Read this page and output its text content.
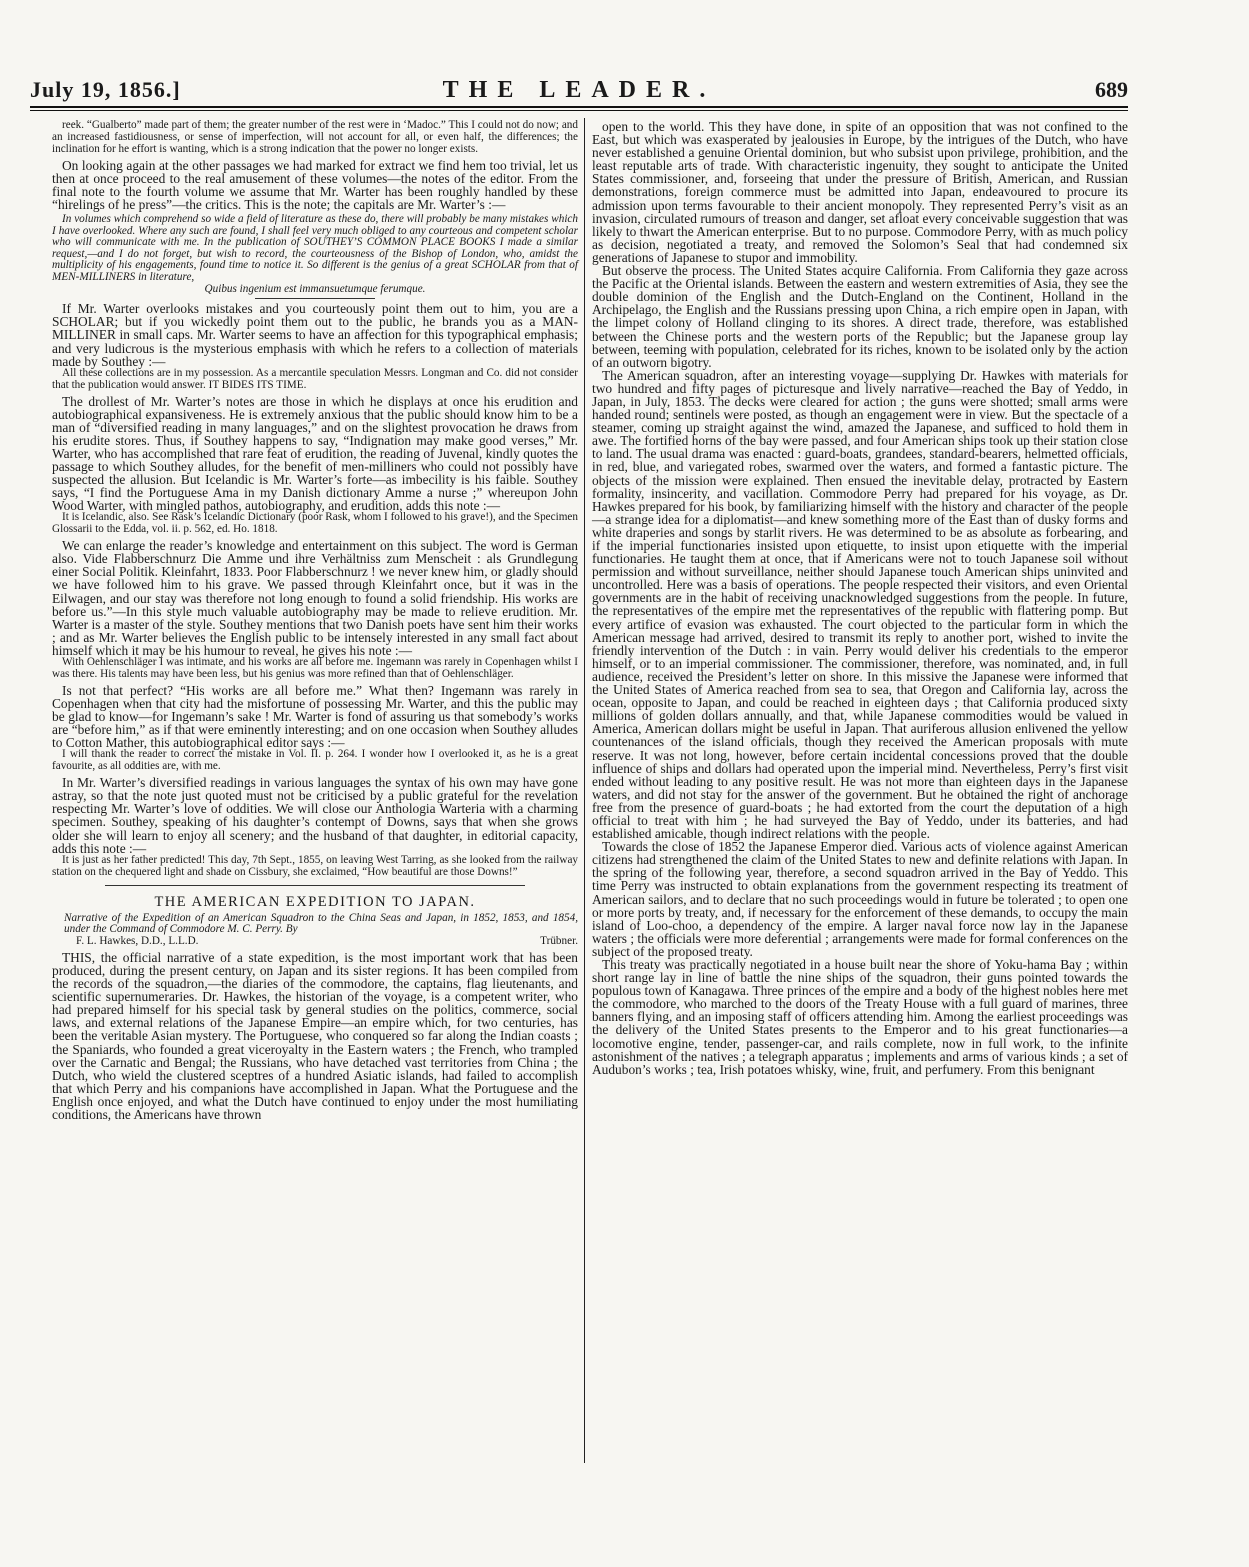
July 19, 1856.]	THE LEADER.	689

reek. “Gualberto” made part of them; the greater number of the rest were in ‘Madoc.” This I could not do now; and an increased fastidiousness, or sense of imperfection, will not account for all, or even half, the differences; the inclination for he effort is wanting, which is a strong indication that the power no longer exists.

On looking again at the other passages we had marked for extract we find hem too trivial, let us then at once proceed to the real amusement of these volumes—the notes of the editor. From the final note to the fourth volume we assume that Mr. Warter has been roughly handled by these “hirelings of he press”—the critics. This is the note; the capitals are Mr. Warter’s :—

In volumes which comprehend so wide a field of literature as these do, there will probably be many mistakes which I have overlooked. Where any such are found, I shall feel very much obliged to any courteous and competent scholar who will communicate with me. In the publication of SOUTHEY’S COMMON PLACE BOOKS I made a similar request,—and I do not forget, but wish to record, the courteousness of the Bishop of London, who, amidst the multiplicity of his engagements, found time to notice it. So different is the genius of a great SCHOLAR from that of MEN-MILLINERS in literature,

Quibus ingenium est immansuetumque ferumque.

If Mr. Warter overlooks mistakes and you courteously point them out to him, you are a SCHOLAR; but if you wickedly point them out to the public, he brands you as a MAN-MILLINER in small caps. Mr. Warter seems to have an affection for this typographical emphasis; and very ludicrous is the mysterious emphasis with which he refers to a collection of materials made by Southey :—

All these collections are in my possession. As a mercantile speculation Messrs. Longman and Co. did not consider that the publication would answer. IT BIDES ITS TIME.

The drollest of Mr. Warter’s notes are those in which he displays at once his erudition and autobiographical expansiveness. He is extremely anxious that the public should know him to be a man of “diversified reading in many languages,” and on the slightest provocation he draws from his erudite stores. Thus, if Southey happens to say, “Indignation may make good verses,” Mr. Warter, who has accomplished that rare feat of erudition, the reading of Juvenal, kindly quotes the passage to which Southey alludes, for the benefit of men-milliners who could not possibly have suspected the allusion. But Icelandic is Mr. Warter’s forte—as imbecility is his faible. Southey says, “I find the Portuguese Ama in my Danish dictionary Amme a nurse ;” whereupon John Wood Warter, with mingled pathos, autobiography, and erudition, adds this note :—

It is Icelandic, also. See Rask’s Icelandic Dictionary (poor Rask, whom I followed to his grave!), and the Specimen Glossarii to the Edda, vol. ii. p. 562, ed. Ho. 1818.

We can enlarge the reader’s knowledge and entertainment on this subject. The word is German also. Vide Flabberschnurz Die Amme und ihre Verhältniss zum Menscheit : als Grundlegung einer Social Politik. Kleinfahrt, 1833. Poor Flabberschnurz ! we never knew him, or gladly should we have followed him to his grave. We passed through Kleinfahrt once, but it was in the Eilwagen, and our stay was therefore not long enough to found a solid friendship. His works are before us.”—In this style much valuable autobiography may be made to relieve erudition. Mr. Warter is a master of the style. Southey mentions that two Danish poets have sent him their works ; and as Mr. Warter believes the English public to be intensely interested in any small fact about himself which it may be his humour to reveal, he gives his note :—

With Oehlenschläger I was intimate, and his works are all before me. Ingemann was rarely in Copenhagen whilst I was there. His talents may have been less, but his genius was more refined than that of Oehlenschläger.

Is not that perfect? “His works are all before me.” What then? Ingemann was rarely in Copenhagen when that city had the misfortune of possessing Mr. Warter, and this the public may be glad to know—for Ingemann’s sake ! Mr. Warter is fond of assuring us that somebody’s works are “before him,” as if that were eminently interesting; and on one occasion when Southey alludes to Cotton Mather, this autobiographical editor says :—

I will thank the reader to correct the mistake in Vol. II. p. 264. I wonder how I overlooked it, as he is a great favourite, as all oddities are, with me.

In Mr. Warter’s diversified readings in various languages the syntax of his own may have gone astray, so that the note just quoted must not be criticised by a public grateful for the revelation respecting Mr. Warter’s love of oddities. We will close our Anthologia Warteria with a charming specimen. Southey, speaking of his daughter’s contempt of Downs, says that when she grows older she will learn to enjoy all scenery; and the husband of that daughter, in editorial capacity, adds this note :—

It is just as her father predicted! This day, 7th Sept., 1855, on leaving West Tarring, as she looked from the railway station on the chequered light and shade on Cissbury, she exclaimed, “How beautiful are those Downs!”

THE AMERICAN EXPEDITION TO JAPAN.

Narrative of the Expedition of an American Squadron to the China Seas and Japan, in 1852, 1853, and 1854, under the Command of Commodore M. C. Perry. By

F. L. Hawkes, D.D., L.L.D.	Trübner.

THIS, the official narrative of a state expedition, is the most important work that has been produced, during the present century, on Japan and its sister regions. It has been compiled from the records of the squadron,—the diaries of the commodore, the captains, flag lieutenants, and scientific supernumeraries. Dr. Hawkes, the historian of the voyage, is a competent writer, who had prepared himself for his special task by general studies on the politics, commerce, social laws, and external relations of the Japanese Empire—an empire which, for two centuries, has been the veritable Asian mystery. The Portuguese, who conquered so far along the Indian coasts ; the Spaniards, who founded a great viceroyalty in the Eastern waters ; the French, who trampled over the Carnatic and Bengal; the Russians, who have detached vast territories from China ; the Dutch, who wield the clustered sceptres of a hundred Asiatic islands, had failed to accomplish that which Perry and his companions have accomplished in Japan. What the Portuguese and the English once enjoyed, and what the Dutch have continued to enjoy under the most humiliating conditions, the Americans have thrown

open to the world. This they have done, in spite of an opposition that was not confined to the East, but which was exasperated by jealousies in Europe, by the intrigues of the Dutch, who have never established a genuine Oriental dominion, but who subsist upon privilege, prohibition, and the least reputable arts of trade. With characteristic ingenuity, they sought to anticipate the United States commissioner, and, forseeing that under the pressure of British, American, and Russian demonstrations, foreign commerce must be admitted into Japan, endeavoured to procure its admission upon terms favourable to their ancient monopoly. They represented Perry’s visit as an invasion, circulated rumours of treason and danger, set afloat every conceivable suggestion that was likely to thwart the American enterprise. But to no purpose. Commodore Perry, with as much policy as decision, negotiated a treaty, and removed the Solomon’s Seal that had condemned six generations of Japanese to stupor and immobility.

But observe the process. The United States acquire California. From California they gaze across the Pacific at the Oriental islands. Between the eastern and western extremities of Asia, they see the double dominion of the English and the Dutch-England on the Continent, Holland in the Archipelago, the English and the Russians pressing upon China, a rich empire open in Japan, with the limpet colony of Holland clinging to its shores. A direct trade, therefore, was established between the Chinese ports and the western ports of the Republic; but the Japanese group lay between, teeming with population, celebrated for its riches, known to be isolated only by the action of an outworn bigotry.

The American squadron, after an interesting voyage—supplying Dr. Hawkes with materials for two hundred and fifty pages of picturesque and lively narrative—reached the Bay of Yeddo, in Japan, in July, 1853. The decks were cleared for action ; the guns were shotted; small arms were handed round; sentinels were posted, as though an engagement were in view. But the spectacle of a steamer, coming up straight against the wind, amazed the Japanese, and sufficed to hold them in awe. The fortified horns of the bay were passed, and four American ships took up their station close to land. The usual drama was enacted : guard-boats, grandees, standard-bearers, helmetted officials, in red, blue, and variegated robes, swarmed over the waters, and formed a fantastic picture. The objects of the mission were explained. Then ensued the inevitable delay, protracted by Eastern formality, insincerity, and vacillation. Commodore Perry had prepared for his voyage, as Dr. Hawkes prepared for his book, by familiarizing himself with the history and character of the people—a strange idea for a diplomatist—and knew something more of the East than of dusky forms and white draperies and songs by starlit rivers. He was determined to be as absolute as forbearing, and if the imperial functionaries insisted upon etiquette, to insist upon etiquette with the imperial functionaries. He taught them at once, that if Americans were not to touch Japanese soil without permission and without surveillance, neither should Japanese touch American ships uninvited and uncontrolled. Here was a basis of operations. The people respected their visitors, and even Oriental governments are in the habit of receiving unacknowledged suggestions from the people. In future, the representatives of the empire met the representatives of the republic with flattering pomp. But every artifice of evasion was exhausted. The court objected to the particular form in which the American message had arrived, desired to transmit its reply to another port, wished to invite the friendly intervention of the Dutch : in vain. Perry would deliver his credentials to the emperor himself, or to an imperial commissioner. The commissioner, therefore, was nominated, and, in full audience, received the President’s letter on shore. In this missive the Japanese were informed that the United States of America reached from sea to sea, that Oregon and California lay, across the ocean, opposite to Japan, and could be reached in eighteen days ; that California produced sixty millions of golden dollars annually, and that, while Japanese commodities would be valued in America, American dollars might be useful in Japan. That auriferous allusion enlivened the yellow countenances of the island officials, though they received the American proposals with mute reserve. It was not long, however, before certain incidental concessions proved that the double influence of ships and dollars had operated upon the imperial mind. Nevertheless, Perry’s first visit ended without leading to any positive result. He was not more than eighteen days in the Japanese waters, and did not stay for the answer of the government. But he obtained the right of anchorage free from the presence of guard-boats ; he had extorted from the court the deputation of a high official to treat with him ; he had surveyed the Bay of Yeddo, under its batteries, and had established amicable, though indirect relations with the people.

Towards the close of 1852 the Japanese Emperor died. Various acts of violence against American citizens had strengthened the claim of the United States to new and definite relations with Japan. In the spring of the following year, therefore, a second squadron arrived in the Bay of Yeddo. This time Perry was instructed to obtain explanations from the government respecting its treatment of American sailors, and to declare that no such proceedings would in future be tolerated ; to open one or more ports by treaty, and, if necessary for the enforcement of these demands, to occupy the main island of Loo-choo, a dependency of the empire. A larger naval force now lay in the Japanese waters ; the officials were more deferential ; arrangements were made for formal conferences on the subject of the proposed treaty.

This treaty was practically negotiated in a house built near the shore of Yoku-hama Bay ; within short range lay in line of battle the nine ships of the squadron, their guns pointed towards the populous town of Kanagawa. Three princes of the empire and a body of the highest nobles here met the commodore, who marched to the doors of the Treaty House with a full guard of marines, three banners flying, and an imposing staff of officers attending him. Among the earliest proceedings was the delivery of the United States presents to the Emperor and to his great functionaries—a locomotive engine, tender, passenger-car, and rails complete, now in full work, to the infinite astonishment of the natives ; a telegraph apparatus ; implements and arms of various kinds ; a set of Audubon’s works ; tea, Irish potatoes whisky, wine, fruit, and perfumery. From this benignant
